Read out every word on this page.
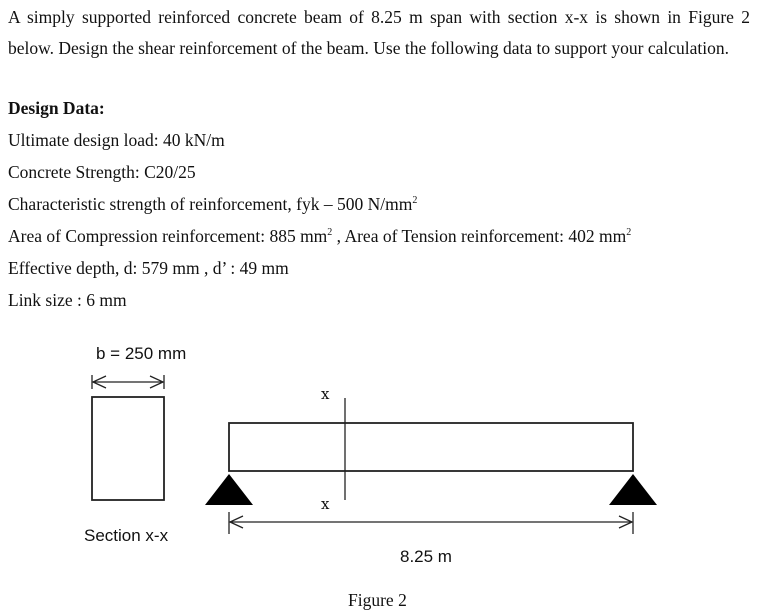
A simply supported reinforced concrete beam of 8.25 m span with section x-x is shown in Figure 2 below. Design the shear reinforcement of the beam. Use the following data to support your calculation.

Design Data:

Ultimate design load: 40 kN/m

Concrete Strength: C20/25

Characteristic strength of reinforcement, fyk – 500 $N/mm^2$

Area of Compression reinforcement: 885 $mm^2$ , Area of Tension reinforcement: 402 $mm^2$

Effective depth, d: 579 mm , d’ : 49 mm

Link size : 6 mm

b = 250 mm
Section x-x
x
x
8.25 m
Figure 2
